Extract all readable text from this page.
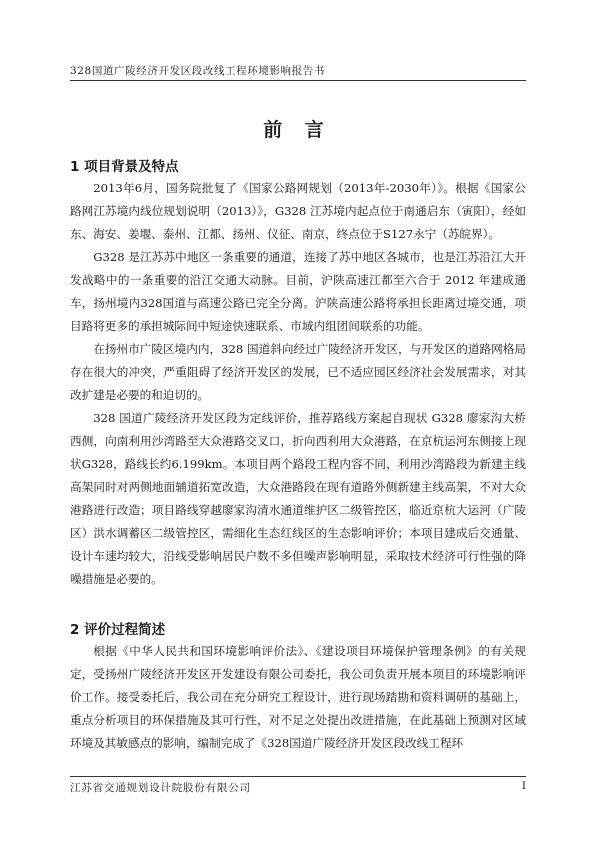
328国道广陵经济开发区段改线工程环境影响报告书
前 言
1 项目背景及特点
2013年6月，国务院批复了《国家公路网规划（2013年-2030年）》。根据《国家公路网江苏境内线位规划说明（2013）》，G328 江苏境内起点位于南通启东（寅阳），经如东、海安、姜堰、泰州、江都、扬州、仪征、南京，终点位于S127永宁（苏皖界）。
G328 是江苏苏中地区一条重要的通道，连接了苏中地区各城市，也是江苏沿江大开发战略中的一条重要的沿江交通大动脉。目前，沪陕高速江都至六合于 2012 年建成通车，扬州境内328国道与高速公路已完全分离。沪陕高速公路将承担长距离过境交通，项目路将更多的承担城际间中短途快速联系、市域内组团间联系的功能。
在扬州市广陵区境内内，328 国道斜向经过广陵经济开发区，与开发区的道路网格局存在很大的冲突，严重阻碍了经济开发区的发展，已不适应园区经济社会发展需求，对其改扩建是必要的和迫切的。
328 国道广陵经济开发区段为定线评价，推荐路线方案起自现状 G328 廖家沟大桥西侧，向南利用沙湾路至大众港路交叉口，折向西利用大众港路，在京杭运河东侧接上现状G328，路线长约6.199km。本项目两个路段工程内容不同，利用沙湾路段为新建主线高架同时对两侧地面辅道拓宽改造，大众港路段在现有道路外侧新建主线高架，不对大众港路进行改造；项目路线穿越廖家沟清水通道维护区二级管控区，临近京杭大运河（广陵区）洪水调蓄区二级管控区，需细化生态红线区的生态影响评价；本项目建成后交通量、设计车速均较大，沿线受影响居民户数不多但噪声影响明显，采取技术经济可行性强的降噪措施是必要的。
2 评价过程简述
根据《中华人民共和国环境影响评价法》、《建设项目环境保护管理条例》的有关规定，受扬州广陵经济开发区开发建设有限公司委托，我公司负责开展本项目的环境影响评价工作。接受委托后，我公司在充分研究工程设计，进行现场踏勘和资料调研的基础上，重点分析项目的环保措施及其可行性，对不足之处提出改进措施，在此基础上预测对区域环境及其敏感点的影响，编制完成了《328国道广陵经济开发区段改线工程环
江苏省交通规划设计院股份有限公司	I
